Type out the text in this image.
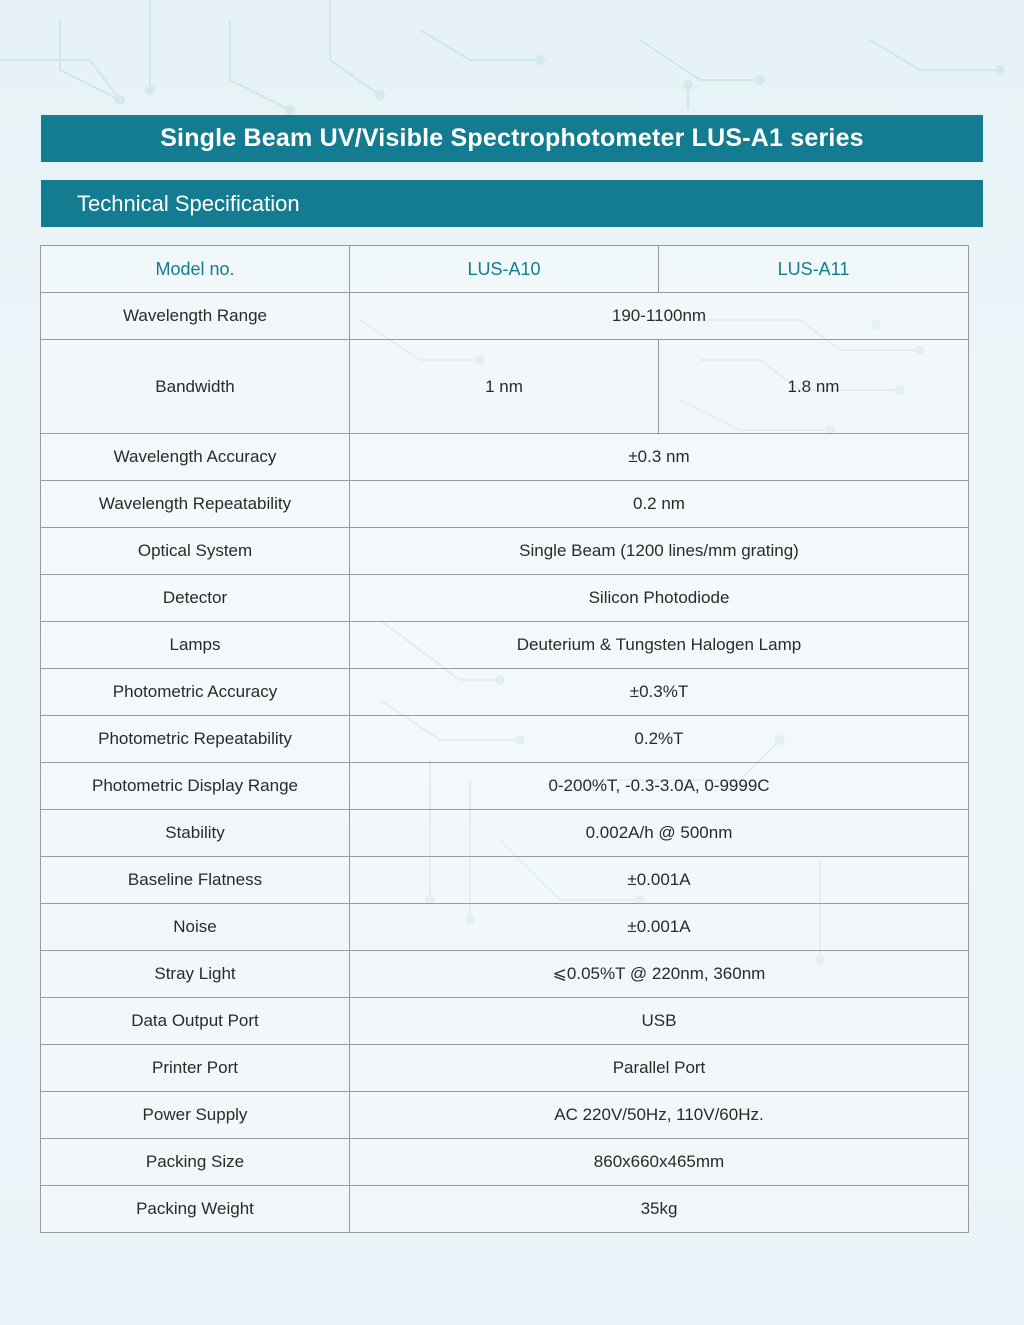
Single Beam UV/Visible Spectrophotometer LUS-A1 series
Technical Specification
Model no.	LUS-A10	LUS-A11
Wavelength Range	190-1100nm	
Bandwidth	1 nm	1.8 nm
Wavelength Accuracy	±0.3 nm	
Wavelength Repeatability	0.2 nm	
Optical System	Single Beam (1200 lines/mm grating)	
Detector	Silicon Photodiode	
Lamps	Deuterium & Tungsten Halogen Lamp	
Photometric Accuracy	±0.3%T	
Photometric Repeatability	0.2%T	
Photometric Display Range	0-200%T, -0.3-3.0A, 0-9999C	
Stability	0.002A/h @ 500nm	
Baseline Flatness	±0.001A	
Noise	±0.001A	
Stray Light	⩽0.05%T @ 220nm, 360nm	
Data Output Port	USB	
Printer Port	Parallel Port	
Power Supply	AC 220V/50Hz, 110V/60Hz.	
Packing Size	860x660x465mm	
Packing Weight	35kg	
